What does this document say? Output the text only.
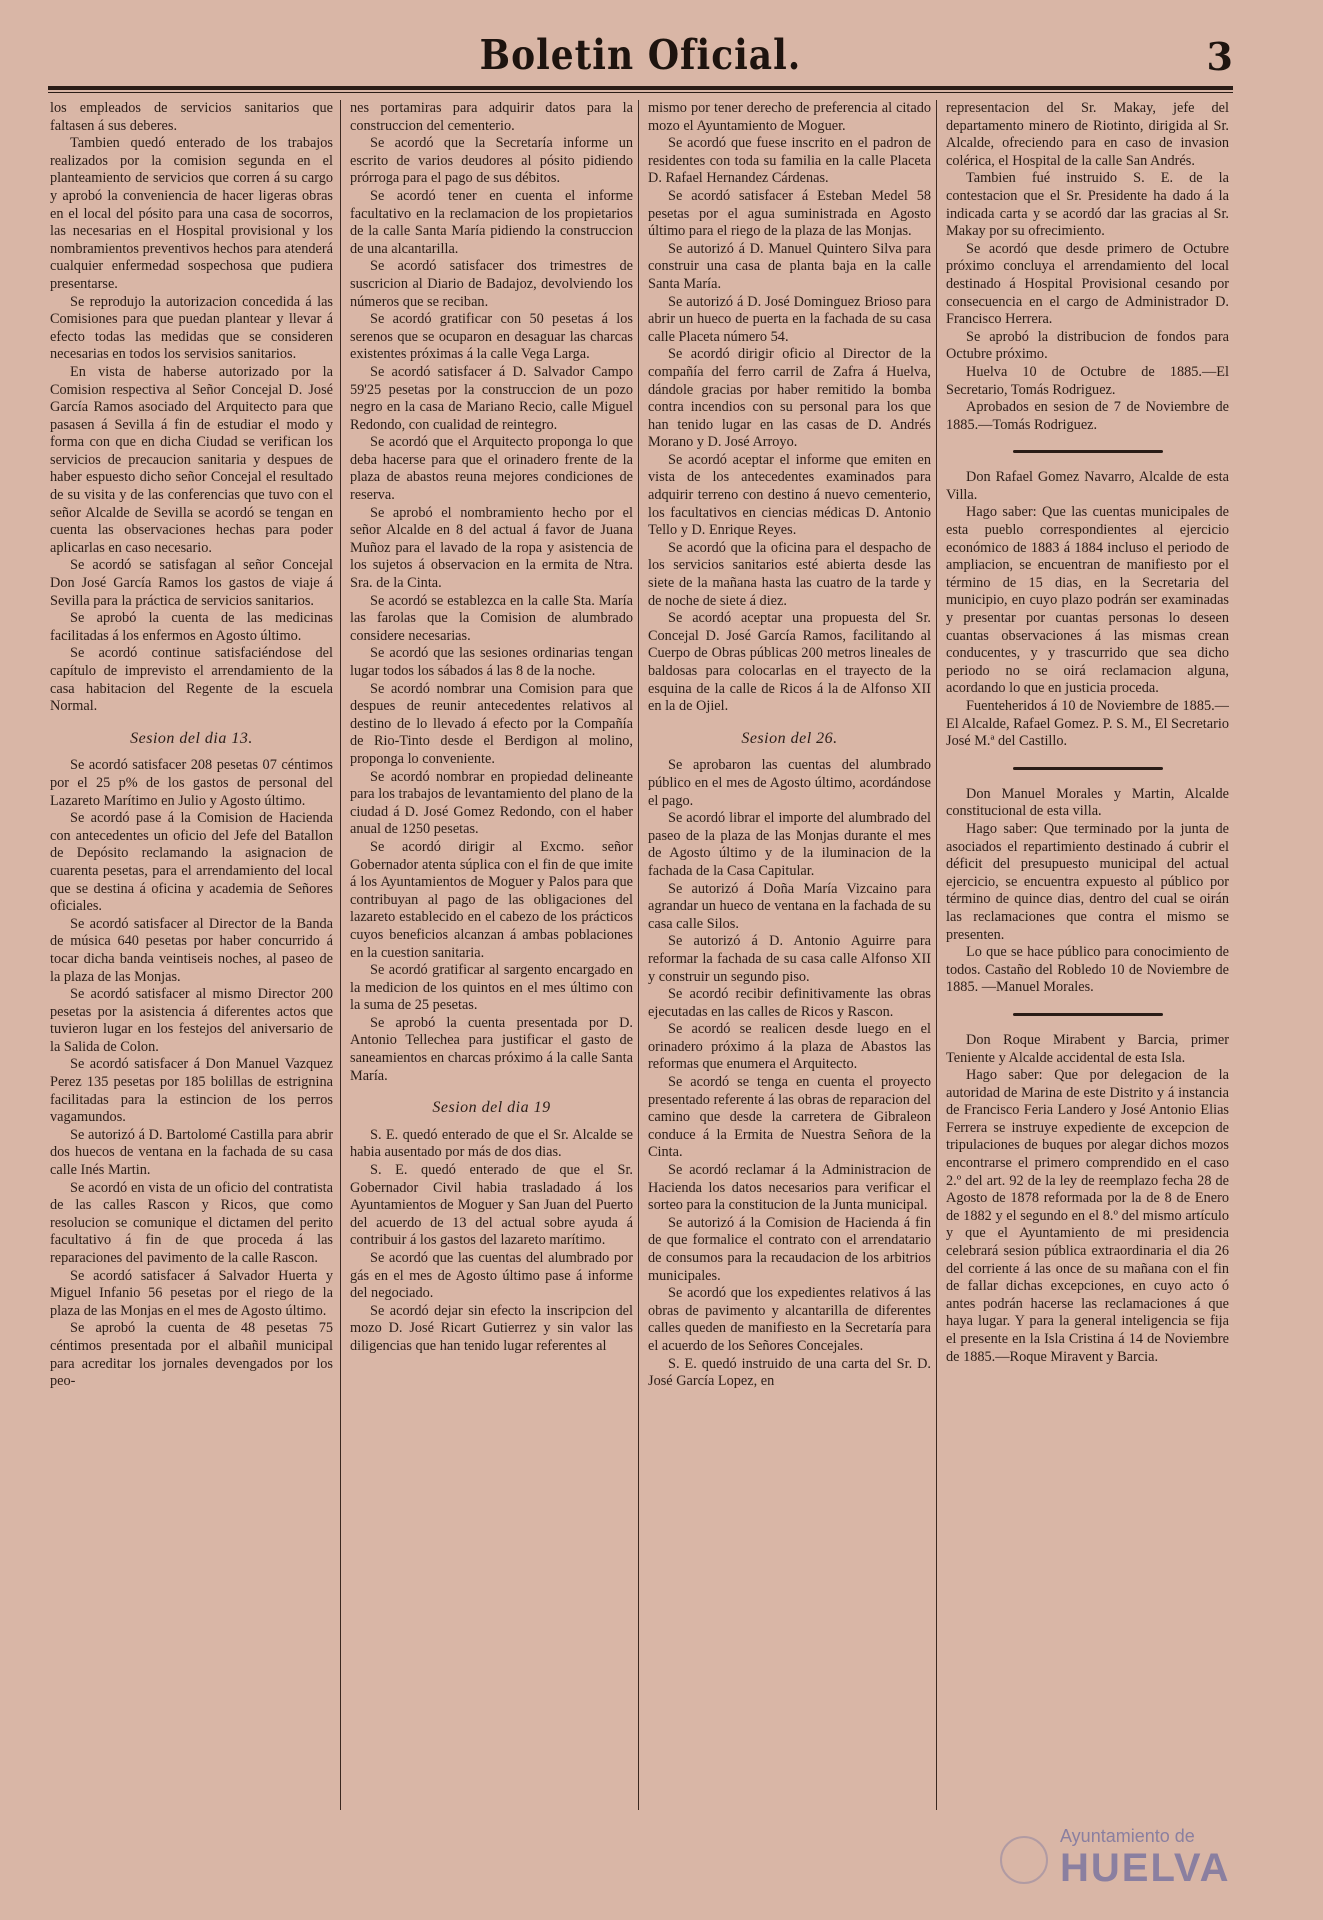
Boletin Oficial.	3

los empleados de servicios sanitarios que faltasen á sus deberes.

Tambien quedó enterado de los trabajos realizados por la comision segunda en el planteamiento de servicios que corren á su cargo y aprobó la conveniencia de hacer ligeras obras en el local del pósito para una casa de socorros, las necesarias en el Hospital provisional y los nombramientos preventivos hechos para atenderá cualquier enfermedad sospechosa que pudiera presentarse.

Se reprodujo la autorizacion concedida á las Comisiones para que puedan plantear y llevar á efecto todas las medidas que se consideren necesarias en todos los servisios sanitarios.

En vista de haberse autorizado por la Comision respectiva al Señor Concejal D. José García Ramos asociado del Arquitecto para que pasasen á Sevilla á fin de estudiar el modo y forma con que en dicha Ciudad se verifican los servicios de precaucion sanitaria y despues de haber espuesto dicho señor Concejal el resultado de su visita y de las conferencias que tuvo con el señor Alcalde de Sevilla se acordó se tengan en cuenta las observaciones hechas para poder aplicarlas en caso necesario.

Se acordó se satisfagan al señor Concejal Don José García Ramos los gastos de viaje á Sevilla para la práctica de servicios sanitarios.

Se aprobó la cuenta de las medicinas facilitadas á los enfermos en Agosto último.

Se acordó continue satisfaciéndose del capítulo de imprevisto el arrendamiento de la casa habitacion del Regente de la escuela Normal.

Sesion del dia 13.

Se acordó satisfacer 208 pesetas 07 céntimos por el 25 p% de los gastos de personal del Lazareto Marítimo en Julio y Agosto último.

Se acordó pase á la Comision de Hacienda con antecedentes un oficio del Jefe del Batallon de Depósito reclamando la asignacion de cuarenta pesetas, para el arrendamiento del local que se destina á oficina y academia de Señores oficiales.

Se acordó satisfacer al Director de la Banda de música 640 pesetas por haber concurrido á tocar dicha banda veintiseis noches, al paseo de la plaza de las Monjas.

Se acordó satisfacer al mismo Director 200 pesetas por la asistencia á diferentes actos que tuvieron lugar en los festejos del aniversario de la Salida de Colon.

Se acordó satisfacer á Don Manuel Vazquez Perez 135 pesetas por 185 bolillas de estrignina facilitadas para la estincion de los perros vagamundos.

Se autorizó á D. Bartolomé Castilla para abrir dos huecos de ventana en la fachada de su casa calle Inés Martin.

Se acordó en vista de un oficio del contratista de las calles Rascon y Ricos, que como resolucion se comunique el dictamen del perito facultativo á fin de que proceda á las reparaciones del pavimento de la calle Rascon.

Se acordó satisfacer á Salvador Huerta y Miguel Infanio 56 pesetas por el riego de la plaza de las Monjas en el mes de Agosto último.

Se aprobó la cuenta de 48 pesetas 75 céntimos presentada por el albañil municipal para acreditar los jornales devengados por los peo-

nes portamiras para adquirir datos para la construccion del cementerio.

Se acordó que la Secretaría informe un escrito de varios deudores al pósito pidiendo prórroga para el pago de sus débitos.

Se acordó tener en cuenta el informe facultativo en la reclamacion de los propietarios de la calle Santa María pidiendo la construccion de una alcantarilla.

Se acordó satisfacer dos trimestres de suscricion al Diario de Badajoz, devolviendo los números que se reciban.

Se acordó gratificar con 50 pesetas á los serenos que se ocuparon en desaguar las charcas existentes próximas á la calle Vega Larga.

Se acordó satisfacer á D. Salvador Campo 59'25 pesetas por la construccion de un pozo negro en la casa de Mariano Recio, calle Miguel Redondo, con cualidad de reintegro.

Se acordó que el Arquitecto proponga lo que deba hacerse para que el orinadero frente de la plaza de abastos reuna mejores condiciones de reserva.

Se aprobó el nombramiento hecho por el señor Alcalde en 8 del actual á favor de Juana Muñoz para el lavado de la ropa y asistencia de los sujetos á observacion en la ermita de Ntra. Sra. de la Cinta.

Se acordó se establezca en la calle Sta. María las farolas que la Comision de alumbrado considere necesarias.

Se acordó que las sesiones ordinarias tengan lugar todos los sábados á las 8 de la noche.

Se acordó nombrar una Comision para que despues de reunir antecedentes relativos al destino de lo llevado á efecto por la Compañía de Rio-Tinto desde el Berdigon al molino, proponga lo conveniente.

Se acordó nombrar en propiedad delineante para los trabajos de levantamiento del plano de la ciudad á D. José Gomez Redondo, con el haber anual de 1250 pesetas.

Se acordó dirigir al Excmo. señor Gobernador atenta súplica con el fin de que imite á los Ayuntamientos de Moguer y Palos para que contribuyan al pago de las obligaciones del lazareto establecido en el cabezo de los prácticos cuyos beneficios alcanzan á ambas poblaciones en la cuestion sanitaria.

Se acordó gratificar al sargento encargado en la medicion de los quintos en el mes último con la suma de 25 pesetas.

Se aprobó la cuenta presentada por D. Antonio Tellechea para justificar el gasto de saneamientos en charcas próximo á la calle Santa María.

Sesion del dia 19

S. E. quedó enterado de que el Sr. Alcalde se habia ausentado por más de dos dias.

S. E. quedó enterado de que el Sr. Gobernador Civil habia trasladado á los Ayuntamientos de Moguer y San Juan del Puerto del acuerdo de 13 del actual sobre ayuda á contribuir á los gastos del lazareto marítimo.

Se acordó que las cuentas del alumbrado por gás en el mes de Agosto último pase á informe del negociado.

Se acordó dejar sin efecto la inscripcion del mozo D. José Ricart Gutierrez y sin valor las diligencias que han tenido lugar referentes al

mismo por tener derecho de preferencia al citado mozo el Ayuntamiento de Moguer.

Se acordó que fuese inscrito en el padron de residentes con toda su familia en la calle Placeta D. Rafael Hernandez Cárdenas.

Se acordó satisfacer á Esteban Medel 58 pesetas por el agua suministrada en Agosto último para el riego de la plaza de las Monjas.

Se autorizó á D. Manuel Quintero Silva para construir una casa de planta baja en la calle Santa María.

Se autorizó á D. José Dominguez Brioso para abrir un hueco de puerta en la fachada de su casa calle Placeta número 54.

Se acordó dirigir oficio al Director de la compañía del ferro carril de Zafra á Huelva, dándole gracias por haber remitido la bomba contra incendios con su personal para los que han tenido lugar en las casas de D. Andrés Morano y D. José Arroyo.

Se acordó aceptar el informe que emiten en vista de los antecedentes examinados para adquirir terreno con destino á nuevo cementerio, los facultativos en ciencias médicas D. Antonio Tello y D. Enrique Reyes.

Se acordó que la oficina para el despacho de los servicios sanitarios esté abierta desde las siete de la mañana hasta las cuatro de la tarde y de noche de siete á diez.

Se acordó aceptar una propuesta del Sr. Concejal D. José García Ramos, facilitando al Cuerpo de Obras públicas 200 metros lineales de baldosas para colocarlas en el trayecto de la esquina de la calle de Ricos á la de Alfonso XII en la de Ojiel.

Sesion del 26.

Se aprobaron las cuentas del alumbrado público en el mes de Agosto último, acordándose el pago.

Se acordó librar el importe del alumbrado del paseo de la plaza de las Monjas durante el mes de Agosto último y de la iluminacion de la fachada de la Casa Capitular.

Se autorizó á Doña María Vizcaino para agrandar un hueco de ventana en la fachada de su casa calle Silos.

Se autorizó á D. Antonio Aguirre para reformar la fachada de su casa calle Alfonso XII y construir un segundo piso.

Se acordó recibir definitivamente las obras ejecutadas en las calles de Ricos y Rascon.

Se acordó se realicen desde luego en el orinadero próximo á la plaza de Abastos las reformas que enumera el Arquitecto.

Se acordó se tenga en cuenta el proyecto presentado referente á las obras de reparacion del camino que desde la carretera de Gibraleon conduce á la Ermita de Nuestra Señora de la Cinta.

Se acordó reclamar á la Administracion de Hacienda los datos necesarios para verificar el sorteo para la constitucion de la Junta municipal.

Se autorizó á la Comision de Hacienda á fin de que formalice el contrato con el arrendatario de consumos para la recaudacion de los arbitrios municipales.

Se acordó que los expedientes relativos á las obras de pavimento y alcantarilla de diferentes calles queden de manifiesto en la Secretaría para el acuerdo de los Señores Concejales.

S. E. quedó instruido de una carta del Sr. D. José García Lopez, en

representacion del Sr. Makay, jefe del departamento minero de Riotinto, dirigida al Sr. Alcalde, ofreciendo para en caso de invasion colérica, el Hospital de la calle San Andrés.

Tambien fué instruido S. E. de la contestacion que el Sr. Presidente ha dado á la indicada carta y se acordó dar las gracias al Sr. Makay por su ofrecimiento.

Se acordó que desde primero de Octubre próximo concluya el arrendamiento del local destinado á Hospital Provisional cesando por consecuencia en el cargo de Administrador D. Francisco Herrera.

Se aprobó la distribucion de fondos para Octubre próximo.

Huelva 10 de Octubre de 1885.—El Secretario, Tomás Rodriguez.

Aprobados en sesion de 7 de Noviembre de 1885.—Tomás Rodriguez.

Don Rafael Gomez Navarro, Alcalde de esta Villa.

Hago saber: Que las cuentas municipales de esta pueblo correspondientes al ejercicio económico de 1883 á 1884 incluso el periodo de ampliacion, se encuentran de manifiesto por el término de 15 dias, en la Secretaria del municipio, en cuyo plazo podrán ser examinadas y presentar por cuantas personas lo deseen cuantas observaciones á las mismas crean conducentes, y y trascurrido que sea dicho periodo no se oirá reclamacion alguna, acordando lo que en justicia proceda.

Fuenteheridos á 10 de Noviembre de 1885.—El Alcalde, Rafael Gomez. P. S. M., El Secretario José M.ª del Castillo.

Don Manuel Morales y Martin, Alcalde constitucional de esta villa.

Hago saber: Que terminado por la junta de asociados el repartimiento destinado á cubrir el déficit del presupuesto municipal del actual ejercicio, se encuentra expuesto al público por término de quince dias, dentro del cual se oirán las reclamaciones que contra el mismo se presenten.

Lo que se hace público para conocimiento de todos. Castaño del Robledo 10 de Noviembre de 1885. —Manuel Morales.

Don Roque Mirabent y Barcia, primer Teniente y Alcalde accidental de esta Isla.

Hago saber: Que por delegacion de la autoridad de Marina de este Distrito y á instancia de Francisco Feria Landero y José Antonio Elias Ferrera se instruye expediente de excepcion de tripulaciones de buques por alegar dichos mozos encontrarse el primero comprendido en el caso 2.º del art. 92 de la ley de reemplazo fecha 28 de Agosto de 1878 reformada por la de 8 de Enero de 1882 y el segundo en el 8.º del mismo artículo y que el Ayuntamiento de mi presidencia celebrará sesion pública extraordinaria el dia 26 del corriente á las once de su mañana con el fin de fallar dichas excepciones, en cuyo acto ó antes podrán hacerse las reclamaciones á que haya lugar. Y para la general inteligencia se fija el presente en la Isla Cristina á 14 de Noviembre de 1885.—Roque Miravent y Barcia.

Ayuntamiento de
HUELVA
